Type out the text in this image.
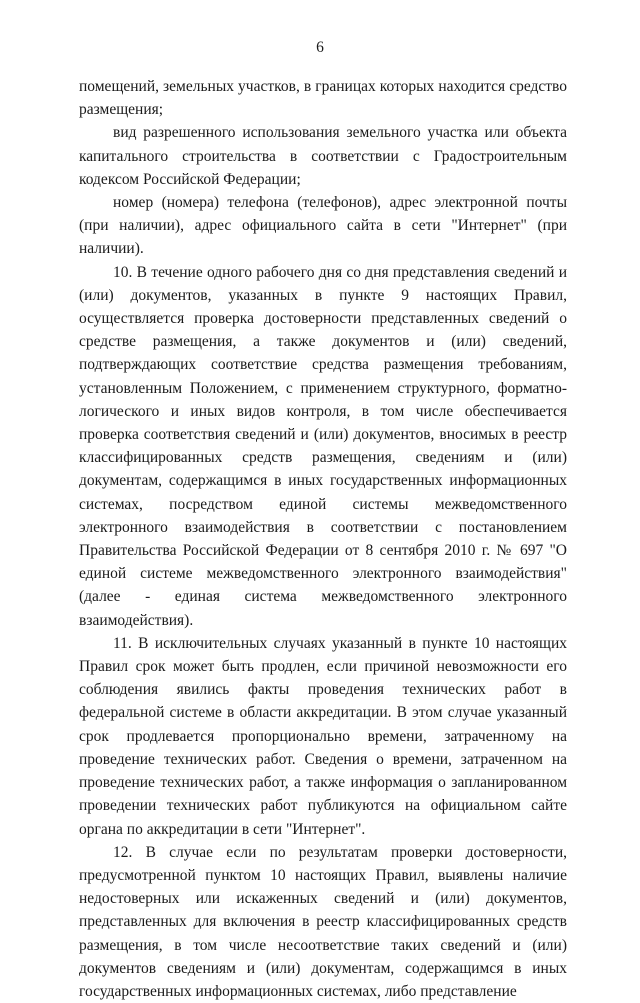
6

помещений, земельных участков, в границах которых находится средство размещения;

вид разрешенного использования земельного участка или объекта капитального строительства в соответствии с Градостроительным кодексом Российской Федерации;

номер (номера) телефона (телефонов), адрес электронной почты (при наличии), адрес официального сайта в сети "Интернет" (при наличии).

10. В течение одного рабочего дня со дня представления сведений и (или) документов, указанных в пункте 9 настоящих Правил, осуществляется проверка достоверности представленных сведений о средстве размещения, а также документов и (или) сведений, подтверждающих соответствие средства размещения требованиям, установленным Положением, с применением структурного, форматно-логического и иных видов контроля, в том числе обеспечивается проверка соответствия сведений и (или) документов, вносимых в реестр классифицированных средств размещения, сведениям и (или) документам, содержащимся в иных государственных информационных системах, посредством единой системы межведомственного электронного взаимодействия в соответствии с постановлением Правительства Российской Федерации от 8 сентября 2010 г. № 697 "О единой системе межведомственного электронного взаимодействия" (далее - единая система межведомственного электронного взаимодействия).

11. В исключительных случаях указанный в пункте 10 настоящих Правил срок может быть продлен, если причиной невозможности его соблюдения явились факты проведения технических работ в федеральной системе в области аккредитации. В этом случае указанный срок продлевается пропорционально времени, затраченному на проведение технических работ. Сведения о времени, затраченном на проведение технических работ, а также информация о запланированном проведении технических работ публикуются на официальном сайте органа по аккредитации в сети "Интернет".

12. В случае если по результатам проверки достоверности, предусмотренной пунктом 10 настоящих Правил, выявлены наличие недостоверных или искаженных сведений и (или) документов, представленных для включения в реестр классифицированных средств размещения, в том числе несоответствие таких сведений и (или) документов сведениям и (или) документам, содержащимся в иных государственных информационных системах, либо представление
